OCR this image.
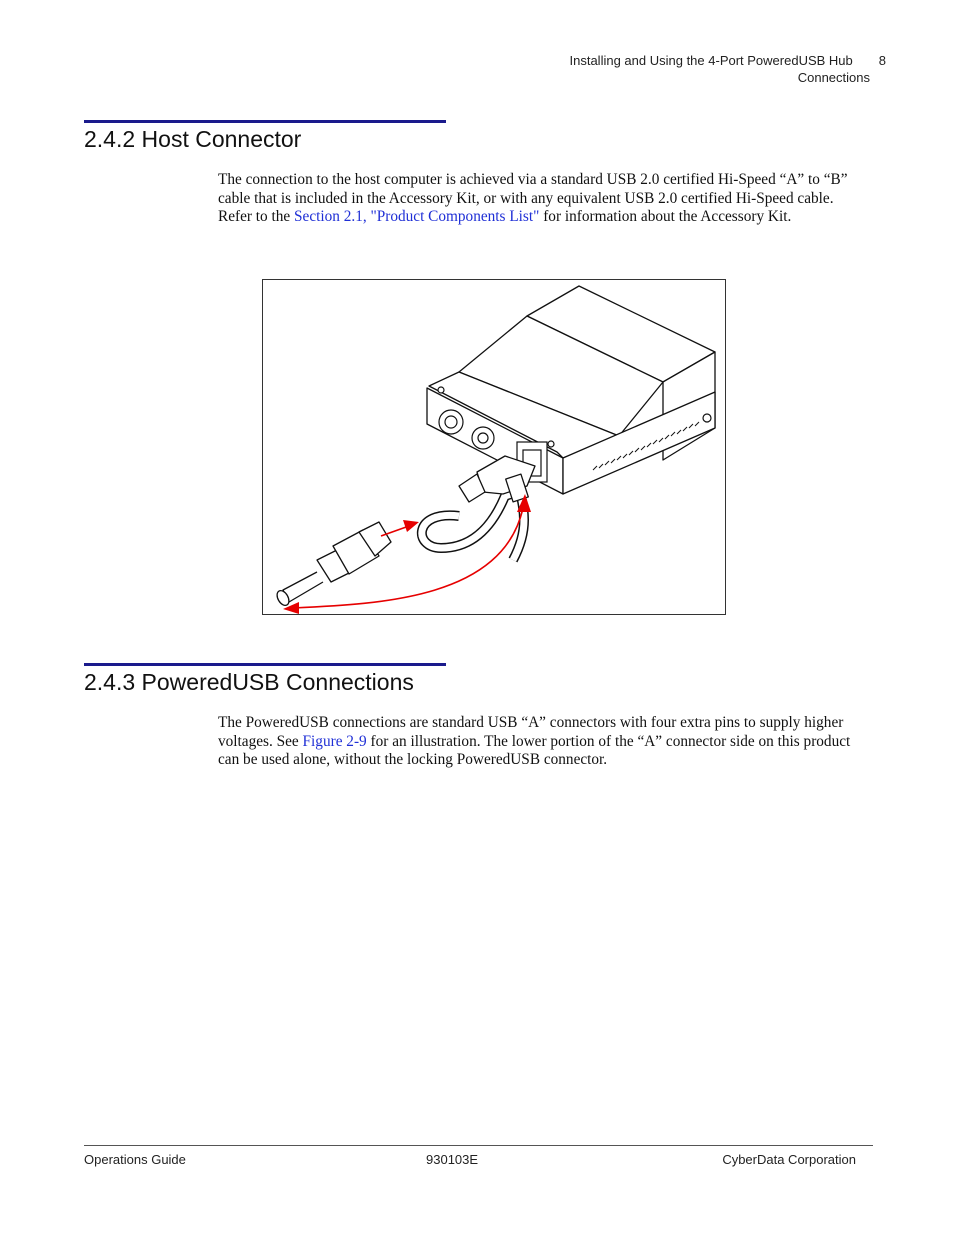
Installing and Using the 4-Port PoweredUSB Hub 8
Connections
2.4.2 Host Connector
The connection to the host computer is achieved via a standard USB 2.0 certified Hi-Speed “A” to “B” cable that is included in the Accessory Kit, or with any equivalent USB 2.0 certified Hi-Speed cable. Refer to the Section 2.1, "Product Components List" for information about the Accessory Kit.
2.4.3 PoweredUSB Connections
The PoweredUSB connections are standard USB “A” connectors with four extra pins to supply higher voltages. See Figure 2-9 for an illustration. The lower portion of the “A” connector side on this product can be used alone, without the locking PoweredUSB connector.
Operations Guide	930103E	CyberData Corporation
